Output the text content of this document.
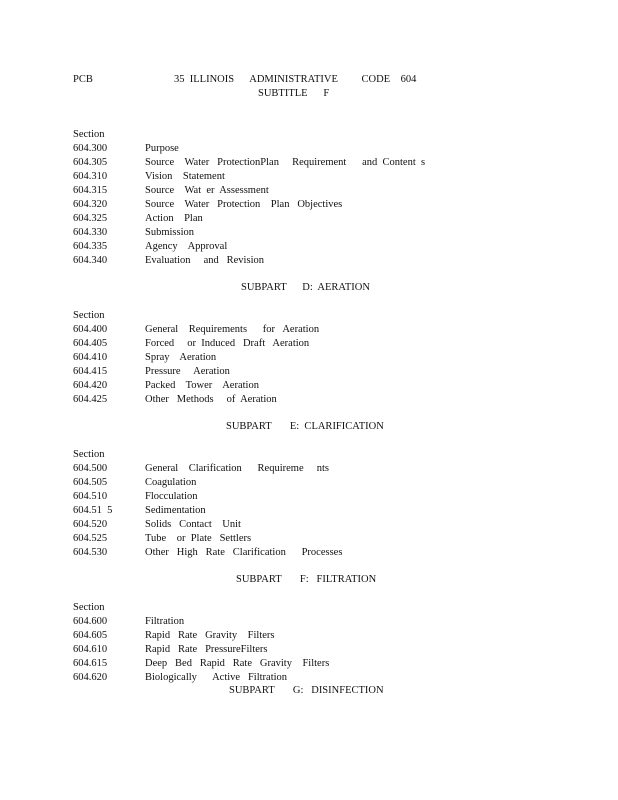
PCB	35  ILLINOIS      ADMINISTRATIVE         CODE    604
SUBTITLE      F
Section
604.300	Purpose
604.305	Source    Water   ProtectionPlan     Requirement      and  Content  s
604.310	Vision    Statement
604.315	Source    Wat  er  Assessment
604.320	Source    Water   Protection    Plan   Objectives
604.325	Action    Plan
604.330	Submission
604.335	Agency    Approval
604.340	Evaluation     and   Revision
SUBPART      D:  AERATION
Section
604.400	General    Requirements      for   Aeration
604.405	Forced     or  Induced   Draft   Aeration
604.410	Spray    Aeration
604.415	Pressure     Aeration
604.420	Packed    Tower    Aeration
604.425	Other   Methods     of  Aeration
SUBPART       E:  CLARIFICATION
Section
604.500	General    Clarification      Requireme     nts
604.505	Coagulation
604.510	Flocculation
604.51  5	Sedimentation
604.520	Solids   Contact    Unit
604.525	Tube    or  Plate   Settlers
604.530	Other   High   Rate   Clarification      Processes
SUBPART       F:   FILTRATION
Section
604.600	Filtration
604.605	Rapid   Rate   Gravity    Filters
604.610	Rapid   Rate   PressureFilters
604.615	Deep   Bed   Rapid   Rate   Gravity    Filters
604.620	Biologically      Active   Filtration
SUBPART       G:   DISINFECTION
